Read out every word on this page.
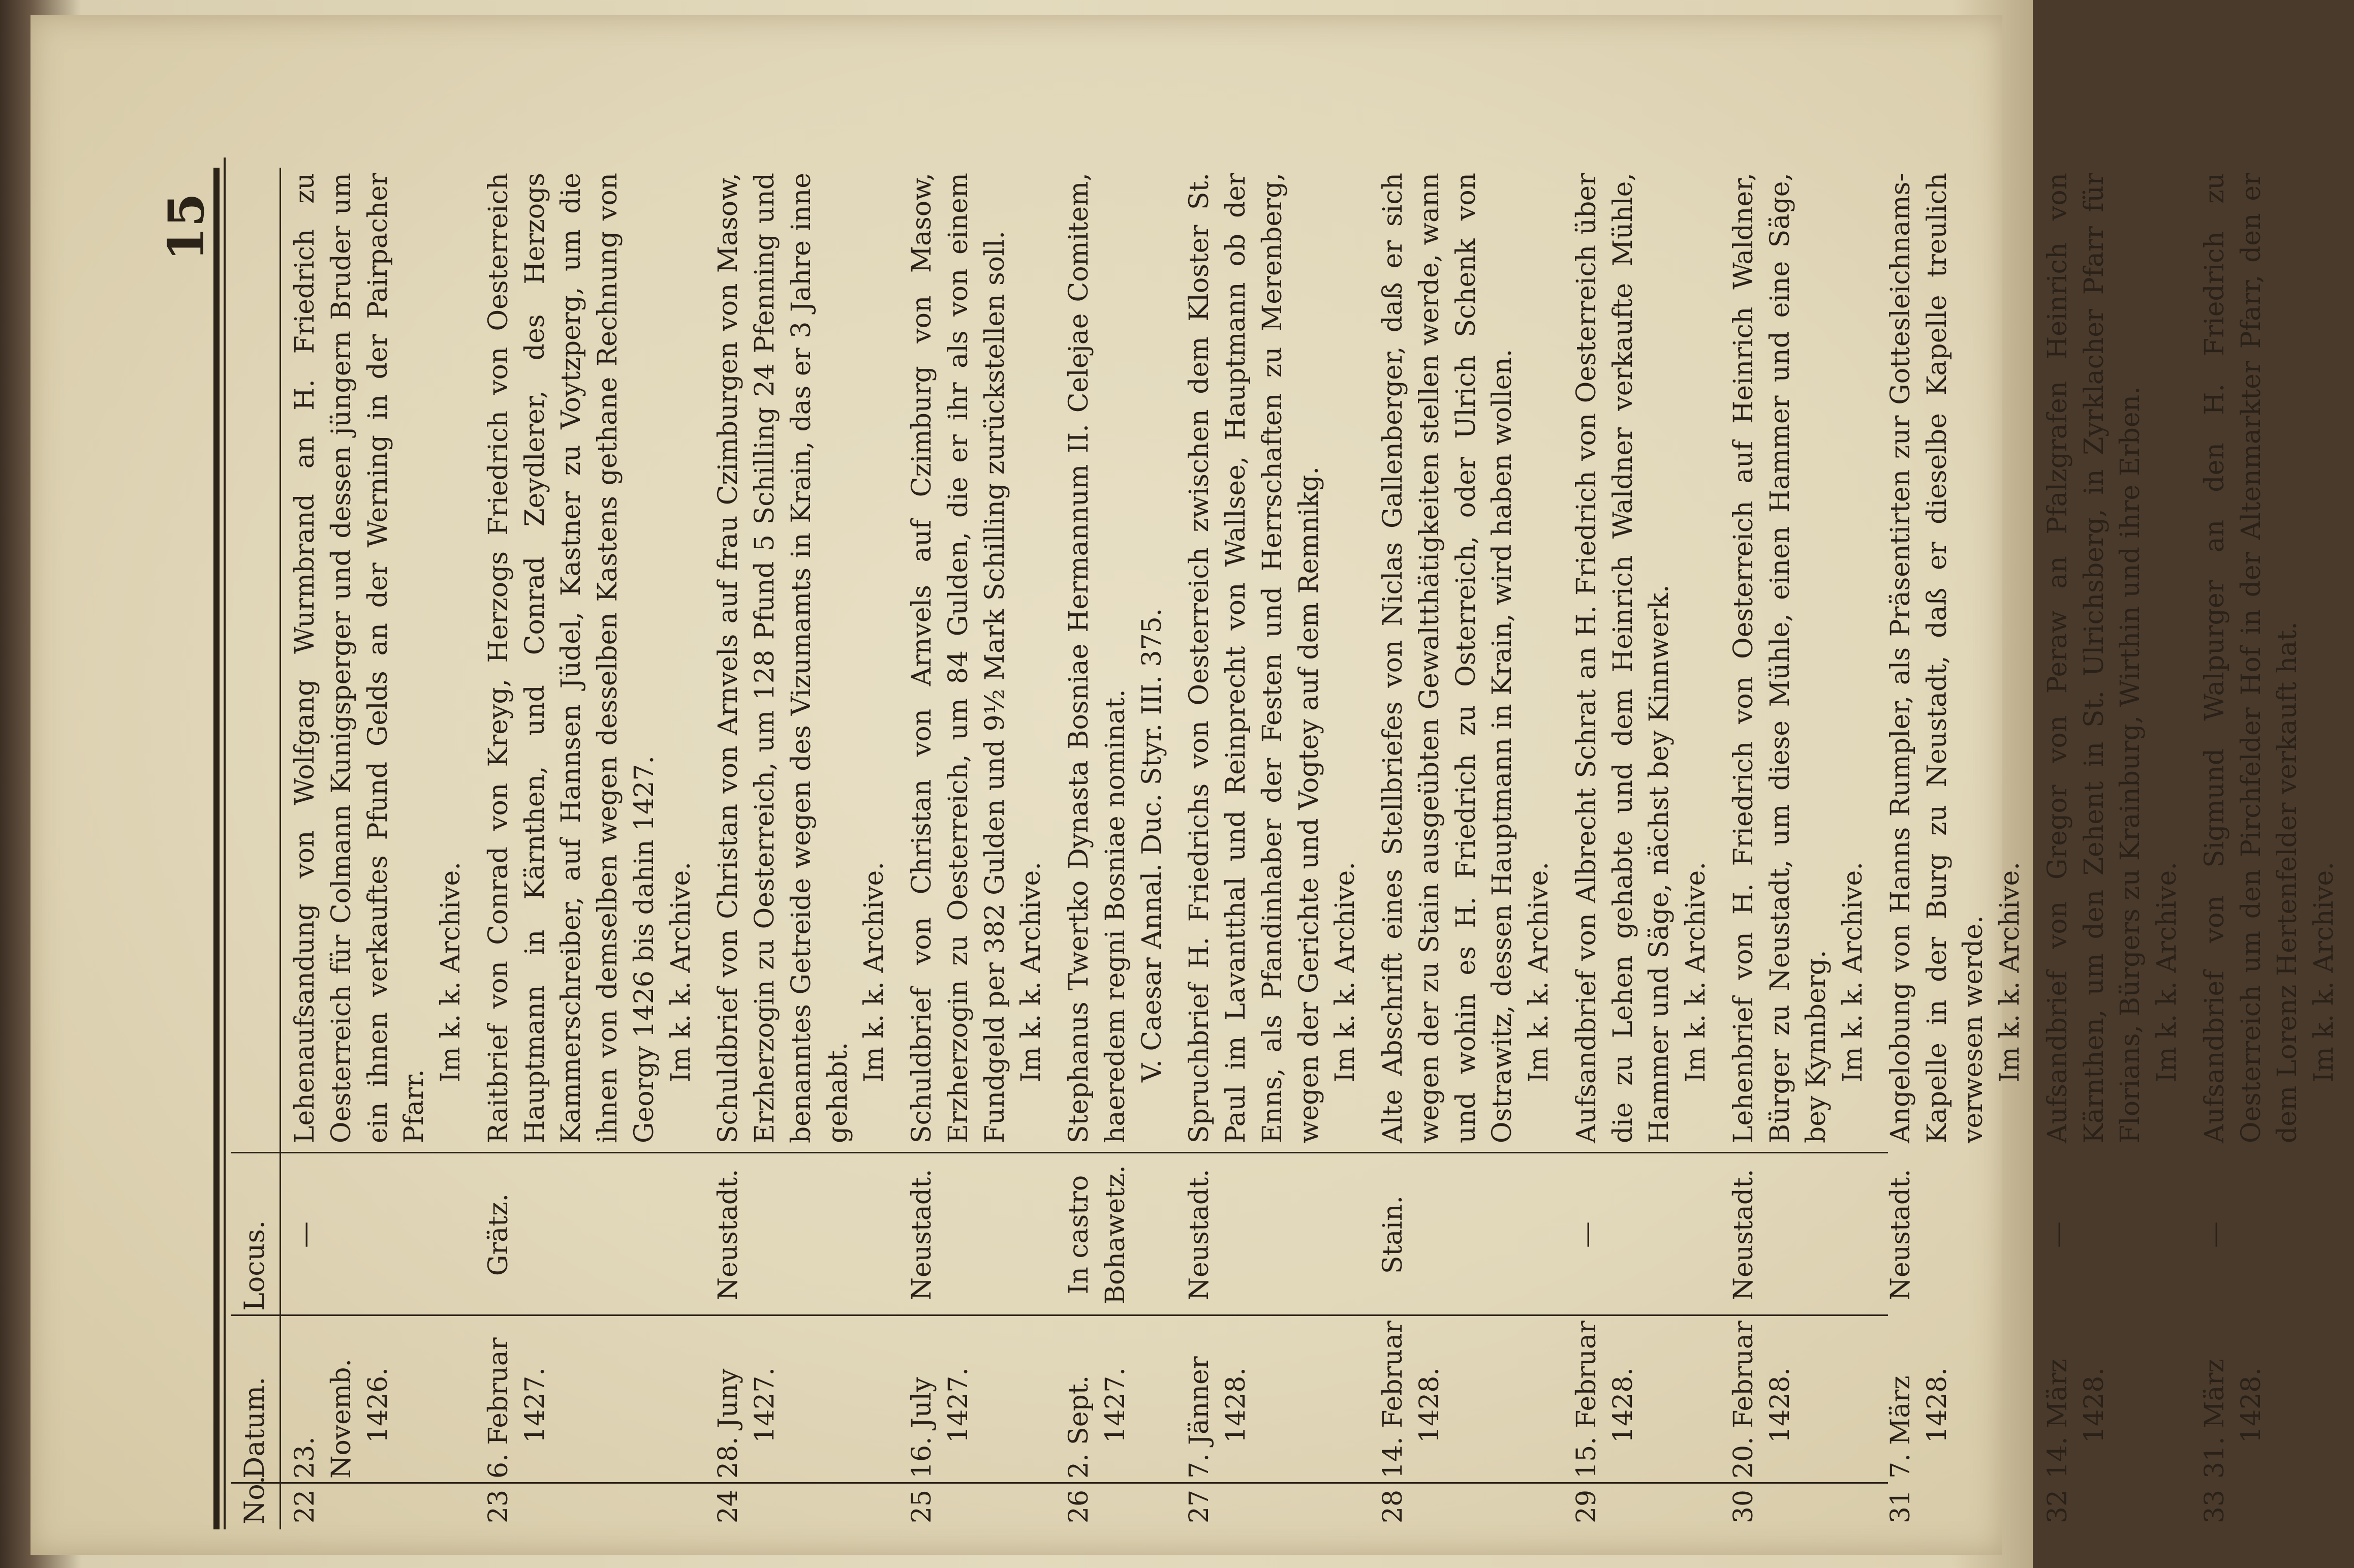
15
No.
Datum.
Locus.
22
23. Novemb. 1426.
—
Lehenaufsandung von Wolfgang Wurmbrand an H. Friedrich zu Oesterreich für Colmann Kunigsperger und dessen jüngern Bruder um ein ihnen verkauftes Pfund Gelds an der Werning in der Pairpacher Pfarr.
Im k. k. Archive.
23
6. Februar 1427.
Grätz.
Raitbrief von Conrad von Kreyg, Herzogs Friedrich von Oesterreich Hauptmann in Kärnthen, und Conrad Zeydlerer, des Herzogs Kammerschreiber, auf Hannsen Jüdel, Kastner zu Voytzperg, um die ihnen von demselben wegen desselben Kastens gethane Rechnung von Georgy 1426 bis dahin 1427. Im k. k. Archive.
24
28. Juny 1427.
Neustadt.
Schuldbrief von Christan von Arnvels auf frau Czimburgen von Masow, Erzherzogin zu Oesterreich, um 128 Pfund 5 Schilling 24 Pfenning und benanntes Getreide wegen des Vizumamts in Krain, das er 3 Jahre inne gehabt.
Im k. k. Archive.
25
16. July 1427.
Neustadt.
Schuldbrief von Christan von Arnvels auf Czimburg von Masow, Erzherzogin zu Oesterreich, um 84 Gulden, die er ihr als von einem Fundgeld per 382 Gulden und 9½ Mark Schilling zurückstellen soll. Im k. k. Archive.
26
2. Sept. 1427.
In castro Bohawetz.
Stephanus Twertko Dynasta Bosniae Hermannum II. Celejae Comitem, haeredem regni Bosniae nominat. V. Caesar Annal. Duc. Styr. III. 375.
27
7. Jänner 1428.
Neustadt.
Spruchbrief H. Friedrichs von Oesterreich zwischen dem Kloster St. Paul im Lavantthal und Reinprecht von Wallsee, Hauptmann ob der Enns, als Pfandinhaber der Festen und Herrschaften zu Merenberg, wegen der Gerichte und Vogtey auf dem Remnikg. Im k. k. Archive.
28
14. Februar 1428.
Stain.
Alte Abschrift eines Stellbriefes von Niclas Gallenberger, daß er sich wegen der zu Stain ausgeübten Gewaltthätigkeiten stellen werde, wann und wohin es H. Friedrich zu Osterreich, oder Ulrich Schenk von Ostrawitz, dessen Hauptmann in Krain, wird haben wollen. Im k. k. Archive.
29
15. Februar 1428.
—
Aufsandbrief von Albrecht Schrat an H. Friedrich von Oesterreich über die zu Lehen gehabte und dem Heinrich Waldner verkaufte Mühle, Hammer und Säge, nächst bey Kinnwerk. Im k. k. Archive.
30
20. Februar 1428.
Neustadt.
Lehenbrief von H. Friedrich von Oesterreich auf Heinrich Waldner, Bürger zu Neustadt, um diese Mühle, einen Hammer und eine Säge, bey Kynnberg. Im k. k. Archive.
31
7. März 1428.
Neustadt.
Angelobung von Hanns Rumpler, als Präsentirten zur Gottesleichnams-Kapelle in der Burg zu Neustadt, daß er dieselbe Kapelle treulich verwesen werde. Im k. k. Archive.
32
14. März 1428.
—
Aufsandbrief von Gregor von Peraw an Pfalzgrafen Heinrich von Kärnthen, um den Zehent in St. Ulrichsberg, in Zyrklacher Pfarr für Florians, Bürgers zu Krainburg, Wirthin und ihre Erben. Im k. k. Archive.
33
31. März 1428.
—
Aufsandbrief von Sigmund Walpurger an den H. Friedrich zu Oesterreich um den Pirchfelder Hof in der Altenmarkter Pfarr, den er dem Lorenz Hertenfelder verkauft hat. Im k. k. Archive.
